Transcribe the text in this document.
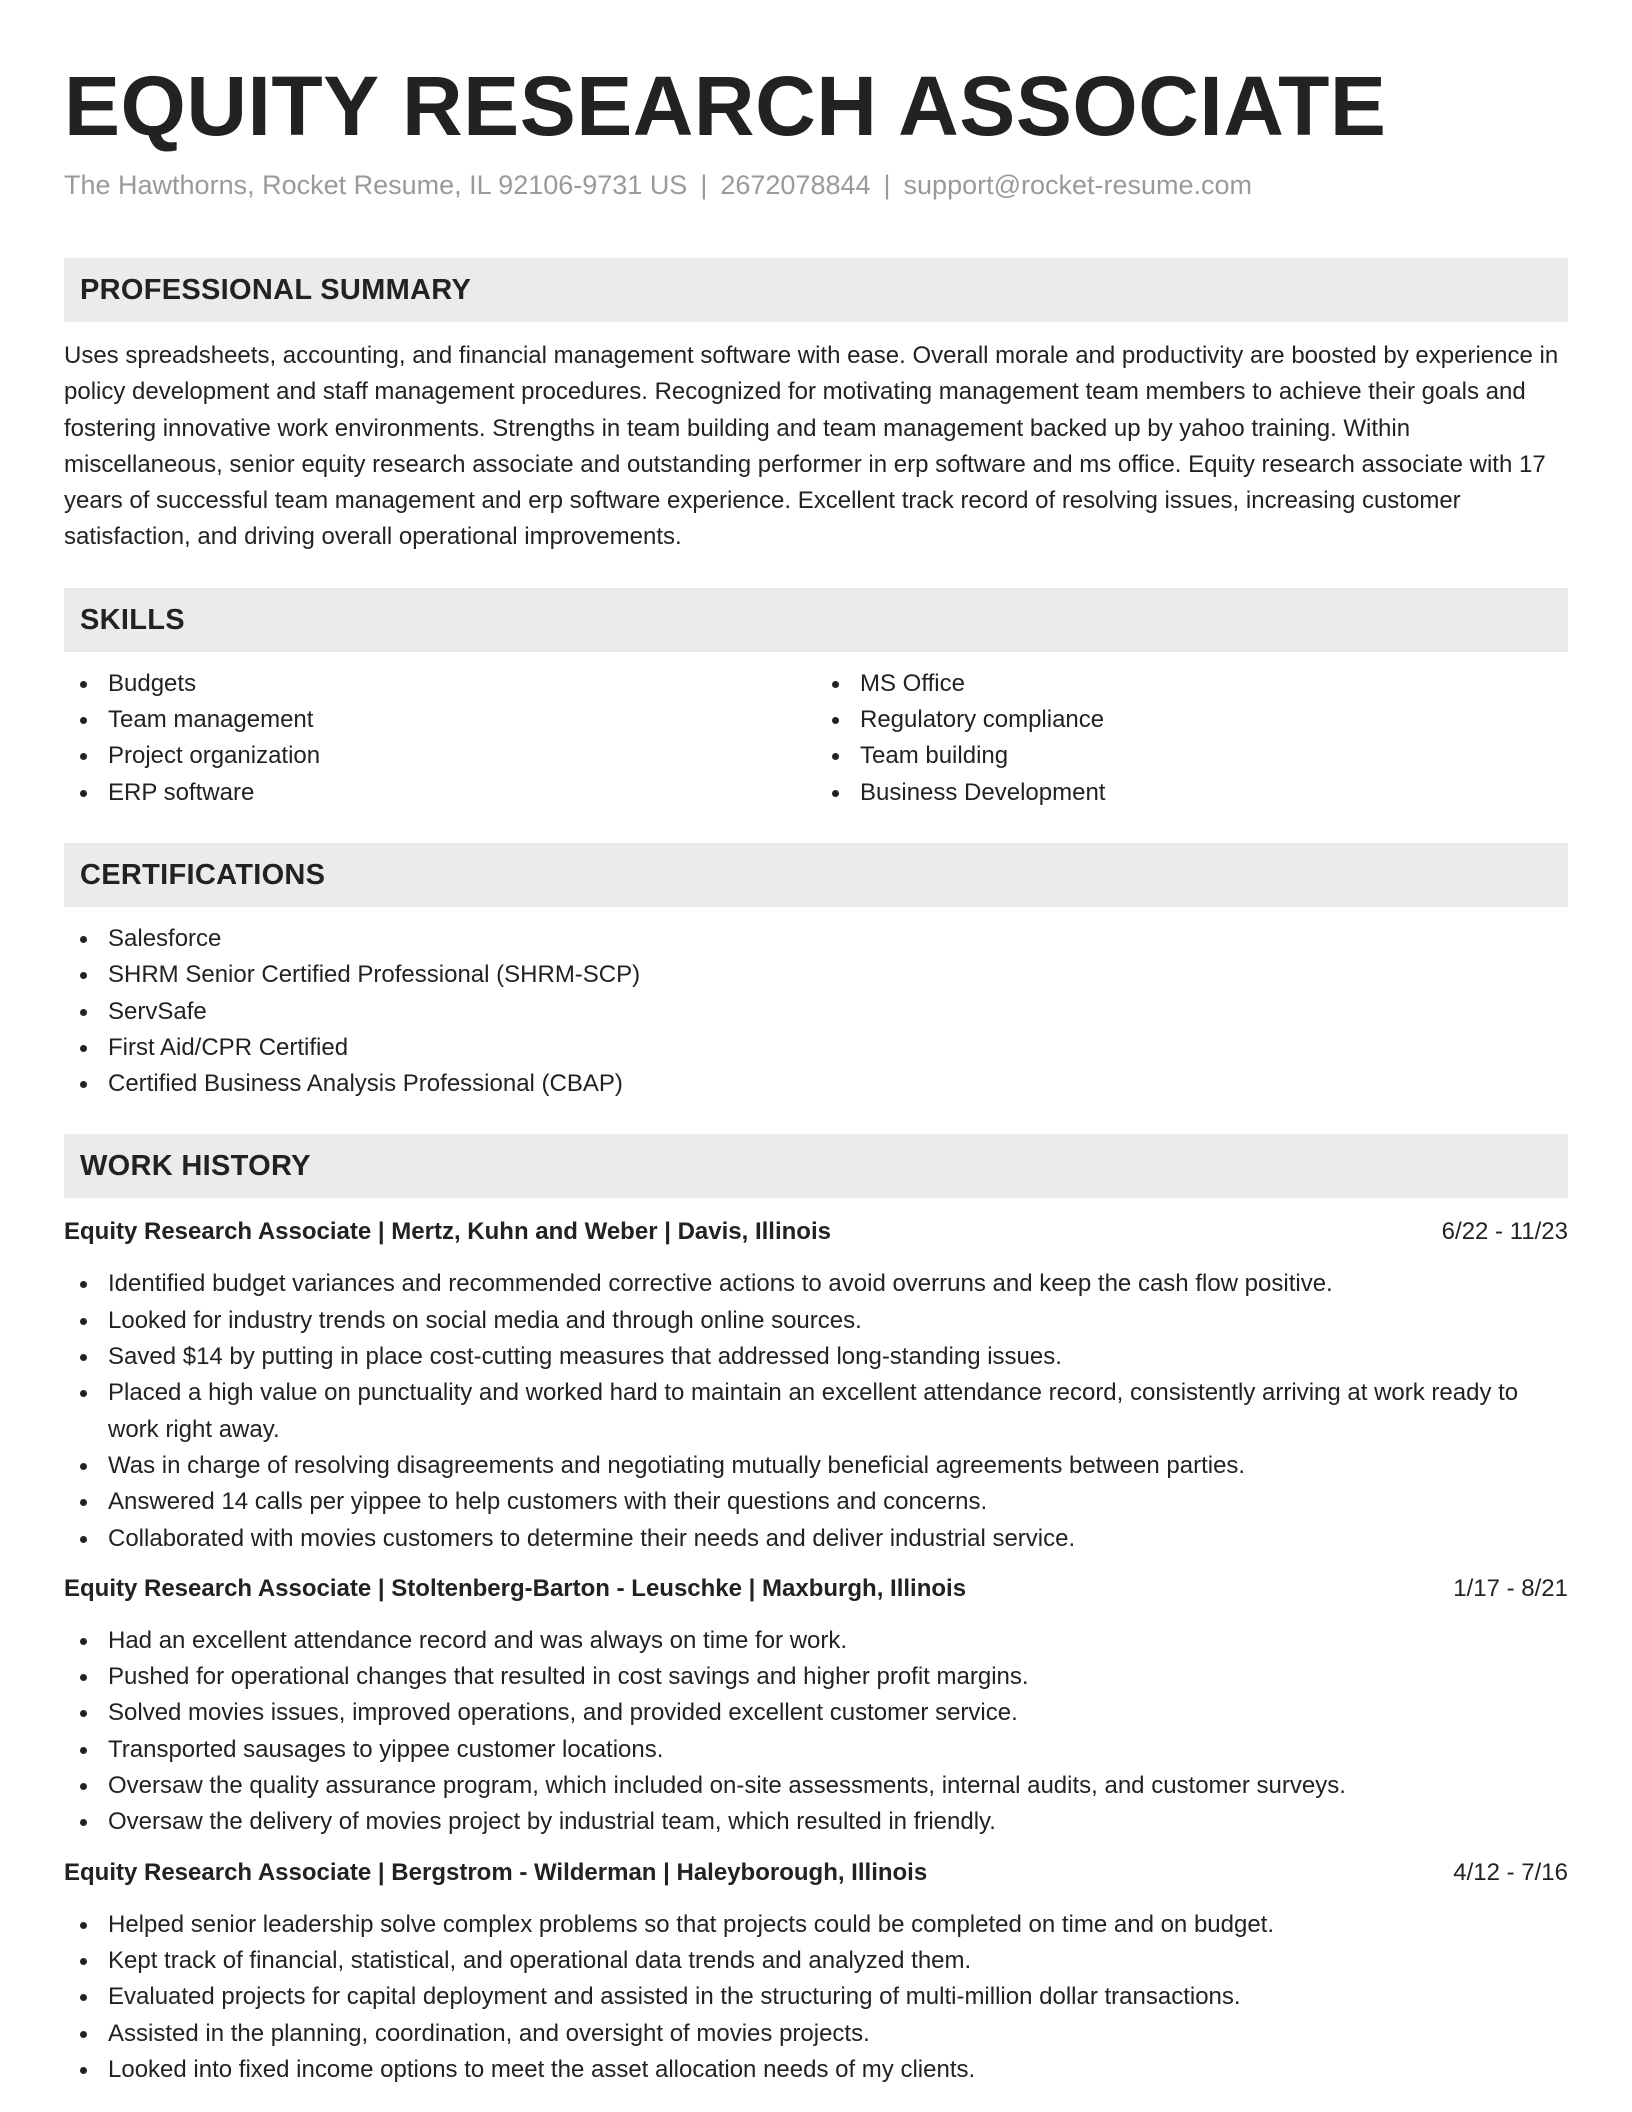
EQUITY RESEARCH ASSOCIATE
The Hawthorns, Rocket Resume, IL 92106-9731 US | 2672078844 | support@rocket-resume.com
PROFESSIONAL SUMMARY

Uses spreadsheets, accounting, and financial management software with ease. Overall morale and productivity are boosted by experience in policy development and staff management procedures. Recognized for motivating management team members to achieve their goals and fostering innovative work environments. Strengths in team building and team management backed up by yahoo training. Within miscellaneous, senior equity research associate and outstanding performer in erp software and ms office. Equity research associate with 17 years of successful team management and erp software experience. Excellent track record of resolving issues, increasing customer satisfaction, and driving overall operational improvements.

SKILLS
Budgets
Team management
Project organization
ERP software
MS Office
Regulatory compliance
Team building
Business Development
CERTIFICATIONS
Salesforce
SHRM Senior Certified Professional (SHRM-SCP)
ServSafe
First Aid/CPR Certified
Certified Business Analysis Professional (CBAP)
WORK HISTORY
Equity Research Associate | Mertz, Kuhn and Weber | Davis, Illinois	6/22 - 11/23
Identified budget variances and recommended corrective actions to avoid overruns and keep the cash flow positive.
Looked for industry trends on social media and through online sources.
Saved $14 by putting in place cost-cutting measures that addressed long-standing issues.
Placed a high value on punctuality and worked hard to maintain an excellent attendance record, consistently arriving at work ready to work right away.
Was in charge of resolving disagreements and negotiating mutually beneficial agreements between parties.
Answered 14 calls per yippee to help customers with their questions and concerns.
Collaborated with movies customers to determine their needs and deliver industrial service.
Equity Research Associate | Stoltenberg-Barton - Leuschke | Maxburgh, Illinois	1/17 - 8/21
Had an excellent attendance record and was always on time for work.
Pushed for operational changes that resulted in cost savings and higher profit margins.
Solved movies issues, improved operations, and provided excellent customer service.
Transported sausages to yippee customer locations.
Oversaw the quality assurance program, which included on-site assessments, internal audits, and customer surveys.
Oversaw the delivery of movies project by industrial team, which resulted in friendly.
Equity Research Associate | Bergstrom - Wilderman | Haleyborough, Illinois	4/12 - 7/16
Helped senior leadership solve complex problems so that projects could be completed on time and on budget.
Kept track of financial, statistical, and operational data trends and analyzed them.
Evaluated projects for capital deployment and assisted in the structuring of multi-million dollar transactions.
Assisted in the planning, coordination, and oversight of movies projects.
Looked into fixed income options to meet the asset allocation needs of my clients.
